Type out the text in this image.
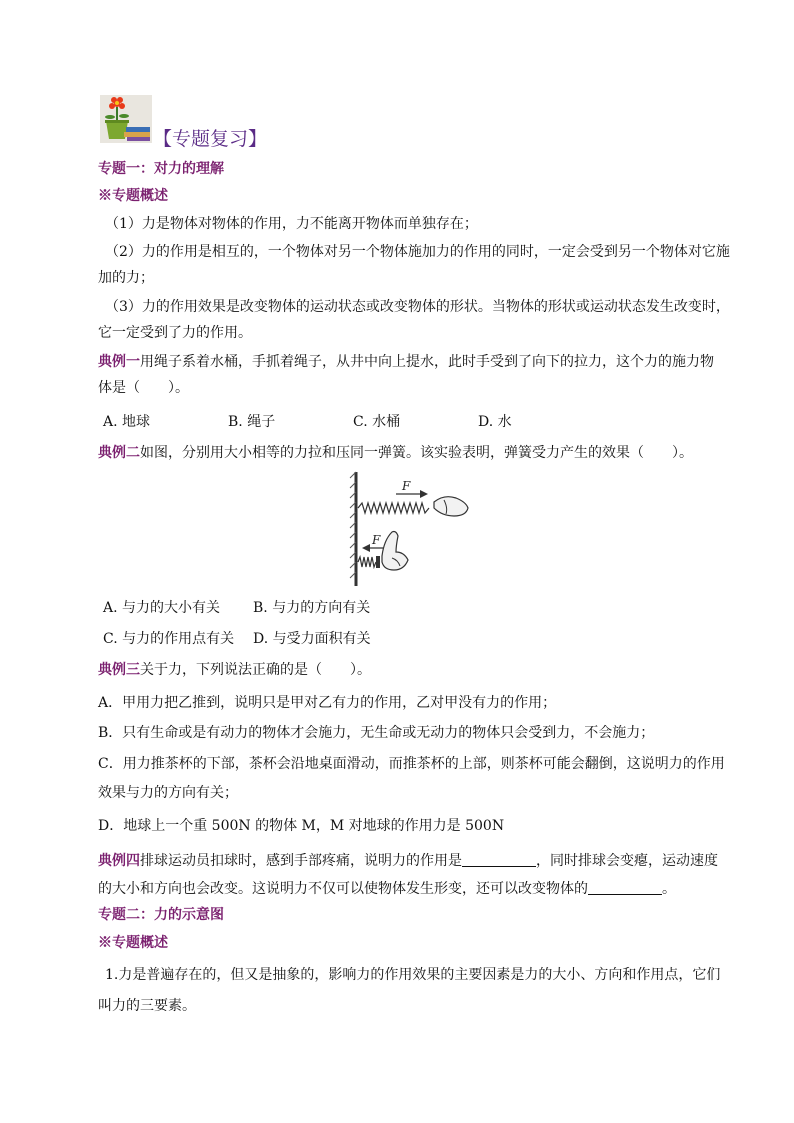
【专题复习】
专题一：对力的理解
※专题概述
（1）力是物体对物体的作用，力不能离开物体而单独存在；
（2）力的作用是相互的，一个物体对另一个物体施加力的作用的同时，一定会受到另一个物体对它施
加的力；
（3）力的作用效果是改变物体的运动状态或改变物体的形状。当物体的形状或运动状态发生改变时，
它一定受到了力的作用。
典例一用绳子系着水桶，手抓着绳子，从井中向上提水，此时手受到了向下的拉力，这个力的施力物
体是（　　）。
A. 地球	B. 绳子	C. 水桶	D. 水
典例二如图，分别用大小相等的力拉和压同一弹簧。该实验表明，弹簧受力产生的效果（　　）。
F
F
A. 与力的大小有关 B. 与力的方向有关
C. 与力的作用点有关 D. 与受力面积有关
典例三关于力，下列说法正确的是（　　）。
A．甲用力把乙推到，说明只是甲对乙有力的作用，乙对甲没有力的作用；
B．只有生命或是有动力的物体才会施力，无生命或无动力的物体只会受到力，不会施力；
C．用力推茶杯的下部，茶杯会沿地桌面滑动，而推茶杯的上部，则茶杯可能会翻倒，这说明力的作用
效果与力的方向有关；
D．地球上一个重 500N 的物体 M，M 对地球的作用力是 500N
典例四排球运动员扣球时，感到手部疼痛，说明力的作用是	，同时排球会变瘪，运动速度
的大小和方向也会改变。这说明力不仅可以使物体发生形变，还可以改变物体的	。
专题二：力的示意图
※专题概述
1.力是普遍存在的，但又是抽象的，影响力的作用效果的主要因素是力的大小、方向和作用点，它们
叫力的三要素。
